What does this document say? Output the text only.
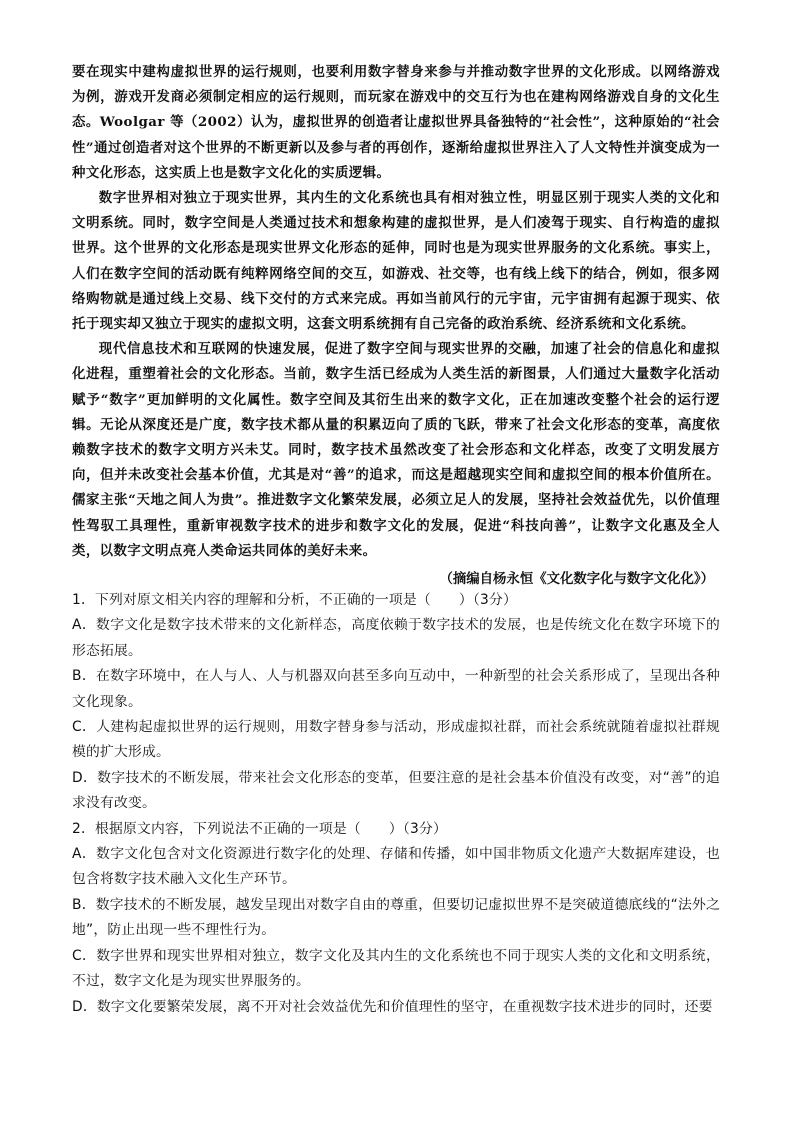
要在现实中建构虚拟世界的运行规则，也要利用数字替身来参与并推动数字世界的文化形成。以网络游戏为例，游戏开发商必须制定相应的运行规则，而玩家在游戏中的交互行为也在建构网络游戏自身的文化生态。Woolgar 等（2002）认为，虚拟世界的创造者让虚拟世界具备独特的“社会性”，这种原始的“社会性”通过创造者对这个世界的不断更新以及参与者的再创作，逐渐给虚拟世界注入了人文特性并演变成为一种文化形态，这实质上也是数字文化化的实质逻辑。

数字世界相对独立于现实世界，其内生的文化系统也具有相对独立性，明显区别于现实人类的文化和文明系统。同时，数字空间是人类通过技术和想象构建的虚拟世界，是人们凌驾于现实、自行构造的虚拟世界。这个世界的文化形态是现实世界文化形态的延伸，同时也是为现实世界服务的文化系统。事实上，人们在数字空间的活动既有纯粹网络空间的交互，如游戏、社交等，也有线上线下的结合，例如，很多网络购物就是通过线上交易、线下交付的方式来完成。再如当前风行的元宇宙，元宇宙拥有起源于现实、依托于现实却又独立于现实的虚拟文明，这套文明系统拥有自己完备的政治系统、经济系统和文化系统。

现代信息技术和互联网的快速发展，促进了数字空间与现实世界的交融，加速了社会的信息化和虚拟化进程，重塑着社会的文化形态。当前，数字生活已经成为人类生活的新图景，人们通过大量数字化活动赋予“数字”更加鲜明的文化属性。数字空间及其衍生出来的数字文化，正在加速改变整个社会的运行逻辑。无论从深度还是广度，数字技术都从量的积累迈向了质的飞跃，带来了社会文化形态的变革，高度依赖数字技术的数字文明方兴未艾。同时，数字技术虽然改变了社会形态和文化样态，改变了文明发展方向，但并未改变社会基本价值，尤其是对“善”的追求，而这是超越现实空间和虚拟空间的根本价值所在。儒家主张“天地之间人为贵”。推进数字文化繁荣发展，必须立足人的发展，坚持社会效益优先，以价值理性驾驭工具理性，重新审视数字技术的进步和数字文化的发展，促进“科技向善”，让数字文化惠及全人类，以数字文明点亮人类命运共同体的美好未来。

（摘编自杨永恒《文化数字化与数字文化化》）

1．下列对原文相关内容的理解和分析，不正确的一项是（　　）（3分）

A．数字文化是数字技术带来的文化新样态，高度依赖于数字技术的发展，也是传统文化在数字环境下的形态拓展。

B．在数字环境中，在人与人、人与机器双向甚至多向互动中，一种新型的社会关系形成了，呈现出各种文化现象。

C．人建构起虚拟世界的运行规则，用数字替身参与活动，形成虚拟社群，而社会系统就随着虚拟社群规模的扩大形成。

D．数字技术的不断发展，带来社会文化形态的变革，但要注意的是社会基本价值没有改变，对“善”的追求没有改变。

2．根据原文内容，下列说法不正确的一项是（　　）（3分）

A．数字文化包含对文化资源进行数字化的处理、存储和传播，如中国非物质文化遗产大数据库建设，也包含将数字技术融入文化生产环节。

B．数字技术的不断发展，越发呈现出对数字自由的尊重，但要切记虚拟世界不是突破道德底线的“法外之地”，防止出现一些不理性行为。

C．数字世界和现实世界相对独立，数字文化及其内生的文化系统也不同于现实人类的文化和文明系统，不过，数字文化是为现实世界服务的。

D．数字文化要繁荣发展，离不开对社会效益优先和价值理性的坚守，在重视数字技术进步的同时，还要
